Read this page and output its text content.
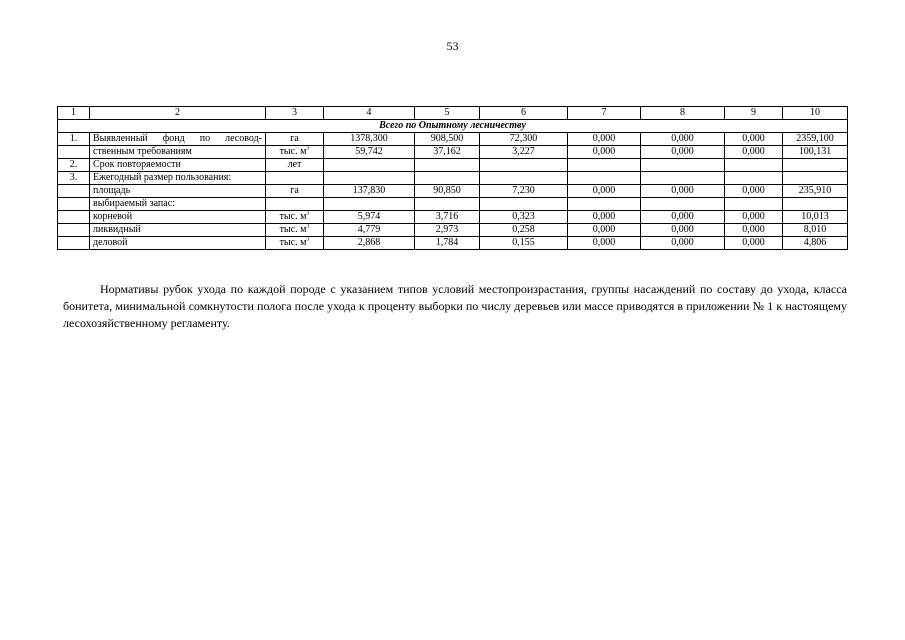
53
1	2	3	4	5	6	7	8	9	10
Всего по Опытному лесничеству									
1.	Выявленный фонд по лесовод-	га	1378,300	908,500	72,300	0,000	0,000	0,000	2359,100
	ственным требованиям	тыс. $м^3$	59,742	37,162	3,227	0,000	0,000	0,000	100,131
2.	Срок повторяемости	лет							
3.	Ежегодный размер пользования:								
	площадь	га	137,830	90,850	7,230	0,000	0,000	0,000	235,910
	выбираемый запас:								
	корневой	тыс. $м^3$	5,974	3,716	0,323	0,000	0,000	0,000	10,013
	ликвидный	тыс. $м^3$	4,779	2,973	0,258	0,000	0,000	0,000	8,010
	деловой	тыс. $м^3$	2,868	1,784	0,155	0,000	0,000	0,000	4,806

Нормативы рубок ухода по каждой породе с указанием типов условий местопроизрастания, группы насаждений по составу до ухода, класса бонитета, минимальной сомкнутости полога после ухода к проценту выборки по числу деревьев или массе приводятся в приложении № 1 к настоящему лесохозяйственному регламенту.
